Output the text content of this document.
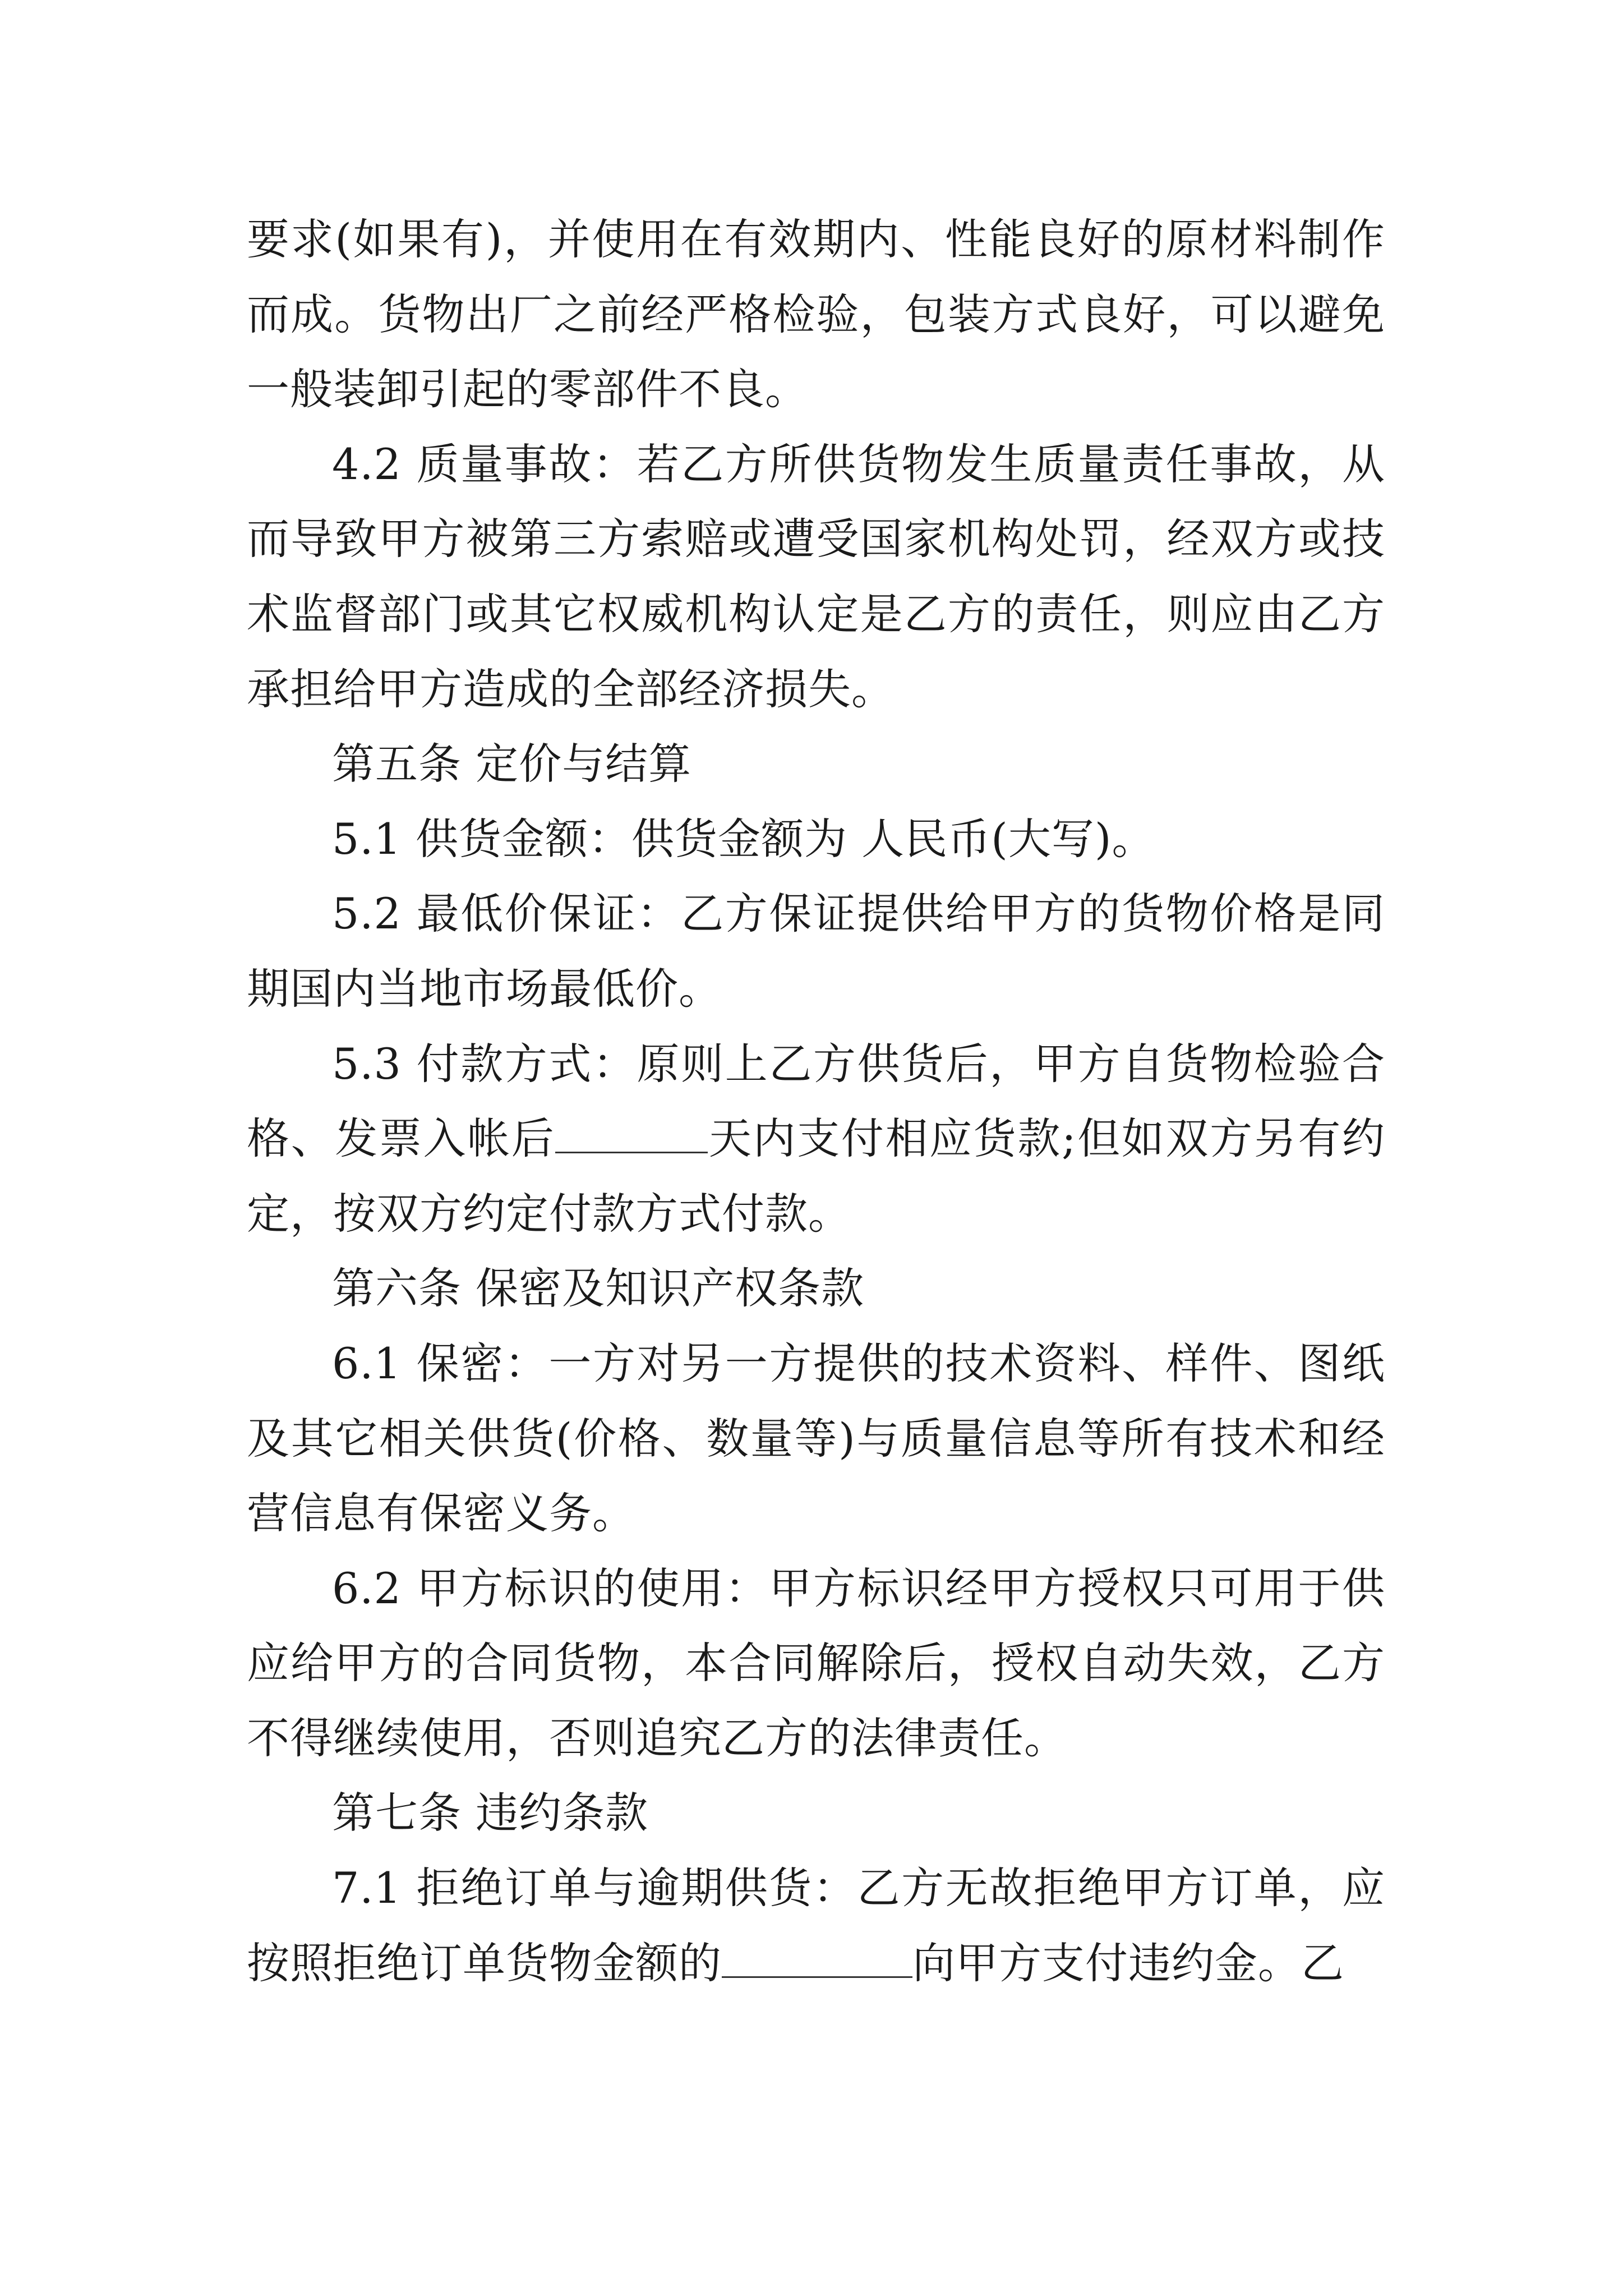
要求(如果有)，并使用在有效期内、性能良好的原材料制作而成。货物出厂之前经严格检验，包装方式良好，可以避免一般装卸引起的零部件不良。

4.2 质量事故：若乙方所供货物发生质量责任事故，从而导致甲方被第三方索赔或遭受国家机构处罚，经双方或技术监督部门或其它权威机构认定是乙方的责任，则应由乙方承担给甲方造成的全部经济损失。

第五条 定价与结算

5.1 供货金额：供货金额为 人民币(大写)。

5.2 最低价保证：乙方保证提供给甲方的货物价格是同期国内当地市场最低价。

5.3 付款方式：原则上乙方供货后，甲方自货物检验合格、发票入帐后	天内支付相应货款;但如双方另有约定，按双方约定付款方式付款。

第六条 保密及知识产权条款

6.1 保密：一方对另一方提供的技术资料、样件、图纸及其它相关供货(价格、数量等)与质量信息等所有技术和经营信息有保密义务。

6.2 甲方标识的使用：甲方标识经甲方授权只可用于供应给甲方的合同货物，本合同解除后，授权自动失效，乙方不得继续使用，否则追究乙方的法律责任。

第七条 违约条款

7.1 拒绝订单与逾期供货：乙方无故拒绝甲方订单，应按照拒绝订单货物金额的	向甲方支付违约金。乙
